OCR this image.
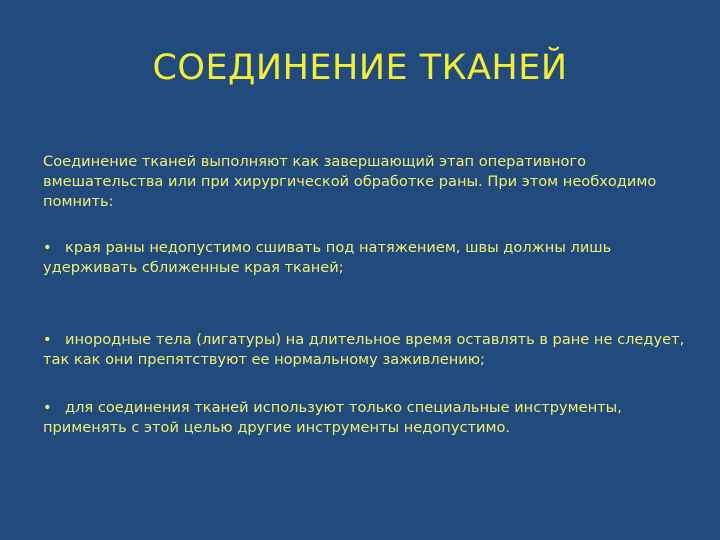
СОЕДИНЕНИЕ ТКАНЕЙ

Соединение тканей выполняют как завершающий этап оперативного вмешательства или при хирургической обработке раны. При этом необходимо помнить:

• края раны недопустимо сшивать под натяжением, швы должны лишь удерживать сближенные края тканей;

• инородные тела (лигатуры) на длительное время оставлять в ране не следует, так как они препятствуют ее нормальному заживлению;

• для соединения тканей используют только специальные инструменты, применять с этой целью другие инструменты недопустимо.
